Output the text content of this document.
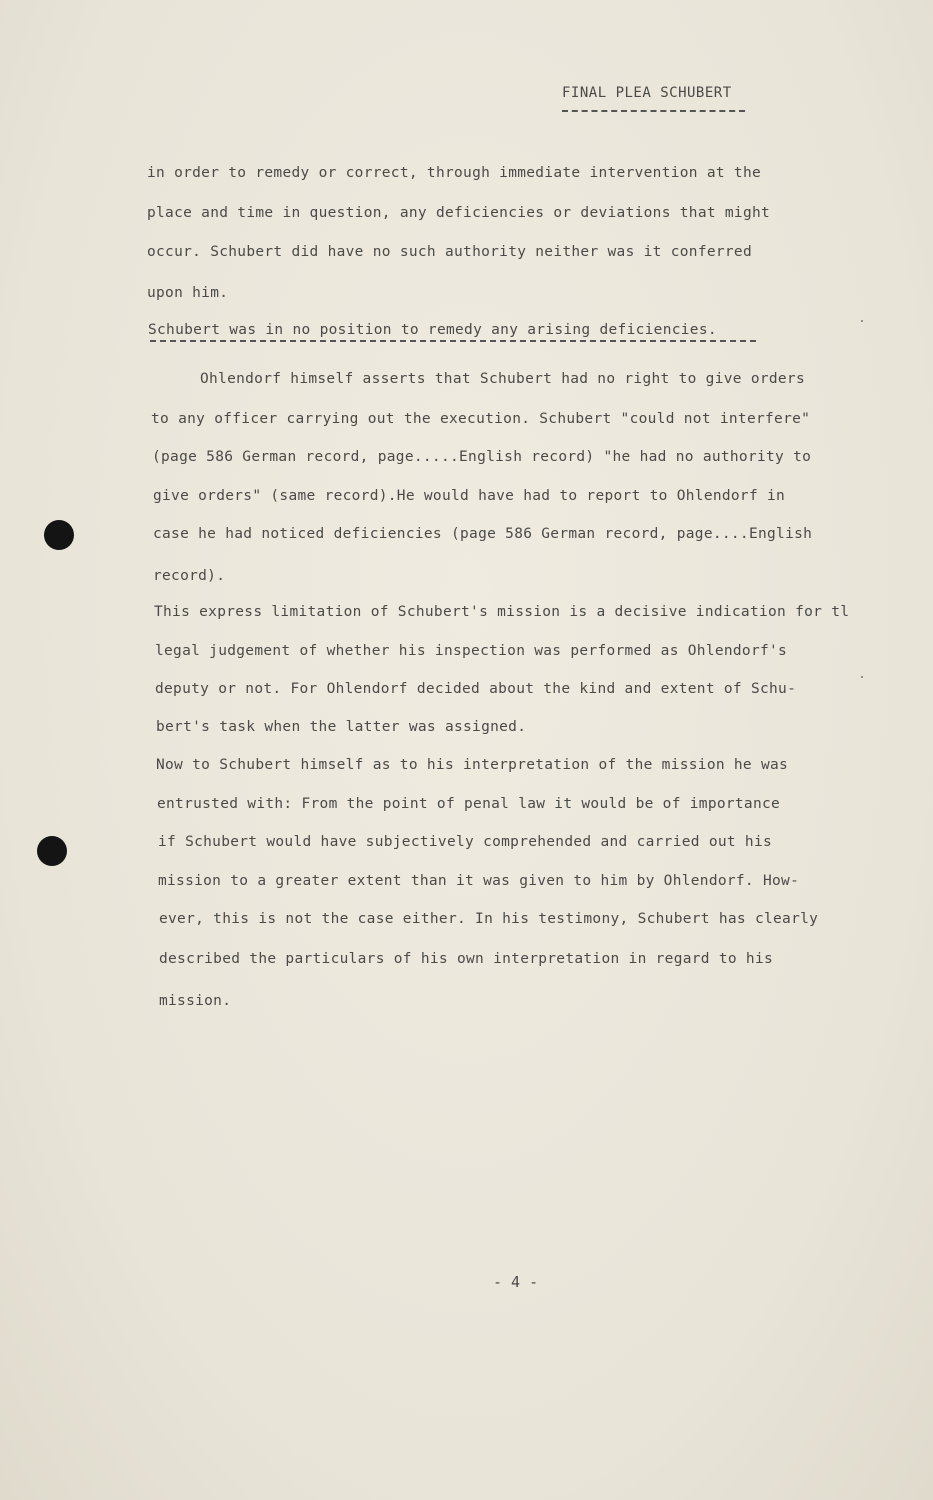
FINAL PLEA SCHUBERT
in order to remedy or correct, through immediate intervention at the
place and time in question, any deficiencies or deviations that might
occur. Schubert did have no such authority neither was it conferred
upon him.
Schubert was in no position to remedy any arising deficiencies.
Ohlendorf himself asserts that Schubert had no right to give orders
to any officer carrying out the execution. Schubert "could not interfere"
(page 586 German record, page.....English record) "he had no authority to
give orders" (same record).He would have had to report to Ohlendorf in
case he had noticed deficiencies (page 586 German record, page....English
record).
This express limitation of Schubert's mission is a decisive indication for tl
legal judgement of whether his inspection was performed as Ohlendorf's
deputy or not. For Ohlendorf decided about the kind and extent of Schu-
bert's task when the latter was assigned.
Now to Schubert himself as to his interpretation of the mission he was
entrusted with: From the point of penal law it would be of importance
if Schubert would have subjectively comprehended and carried out his
mission to a greater extent than it was given to him by Ohlendorf. How-
ever, this is not the case either. In his testimony, Schubert has clearly
described the particulars of his own interpretation in regard to his
mission.
- 4 -
